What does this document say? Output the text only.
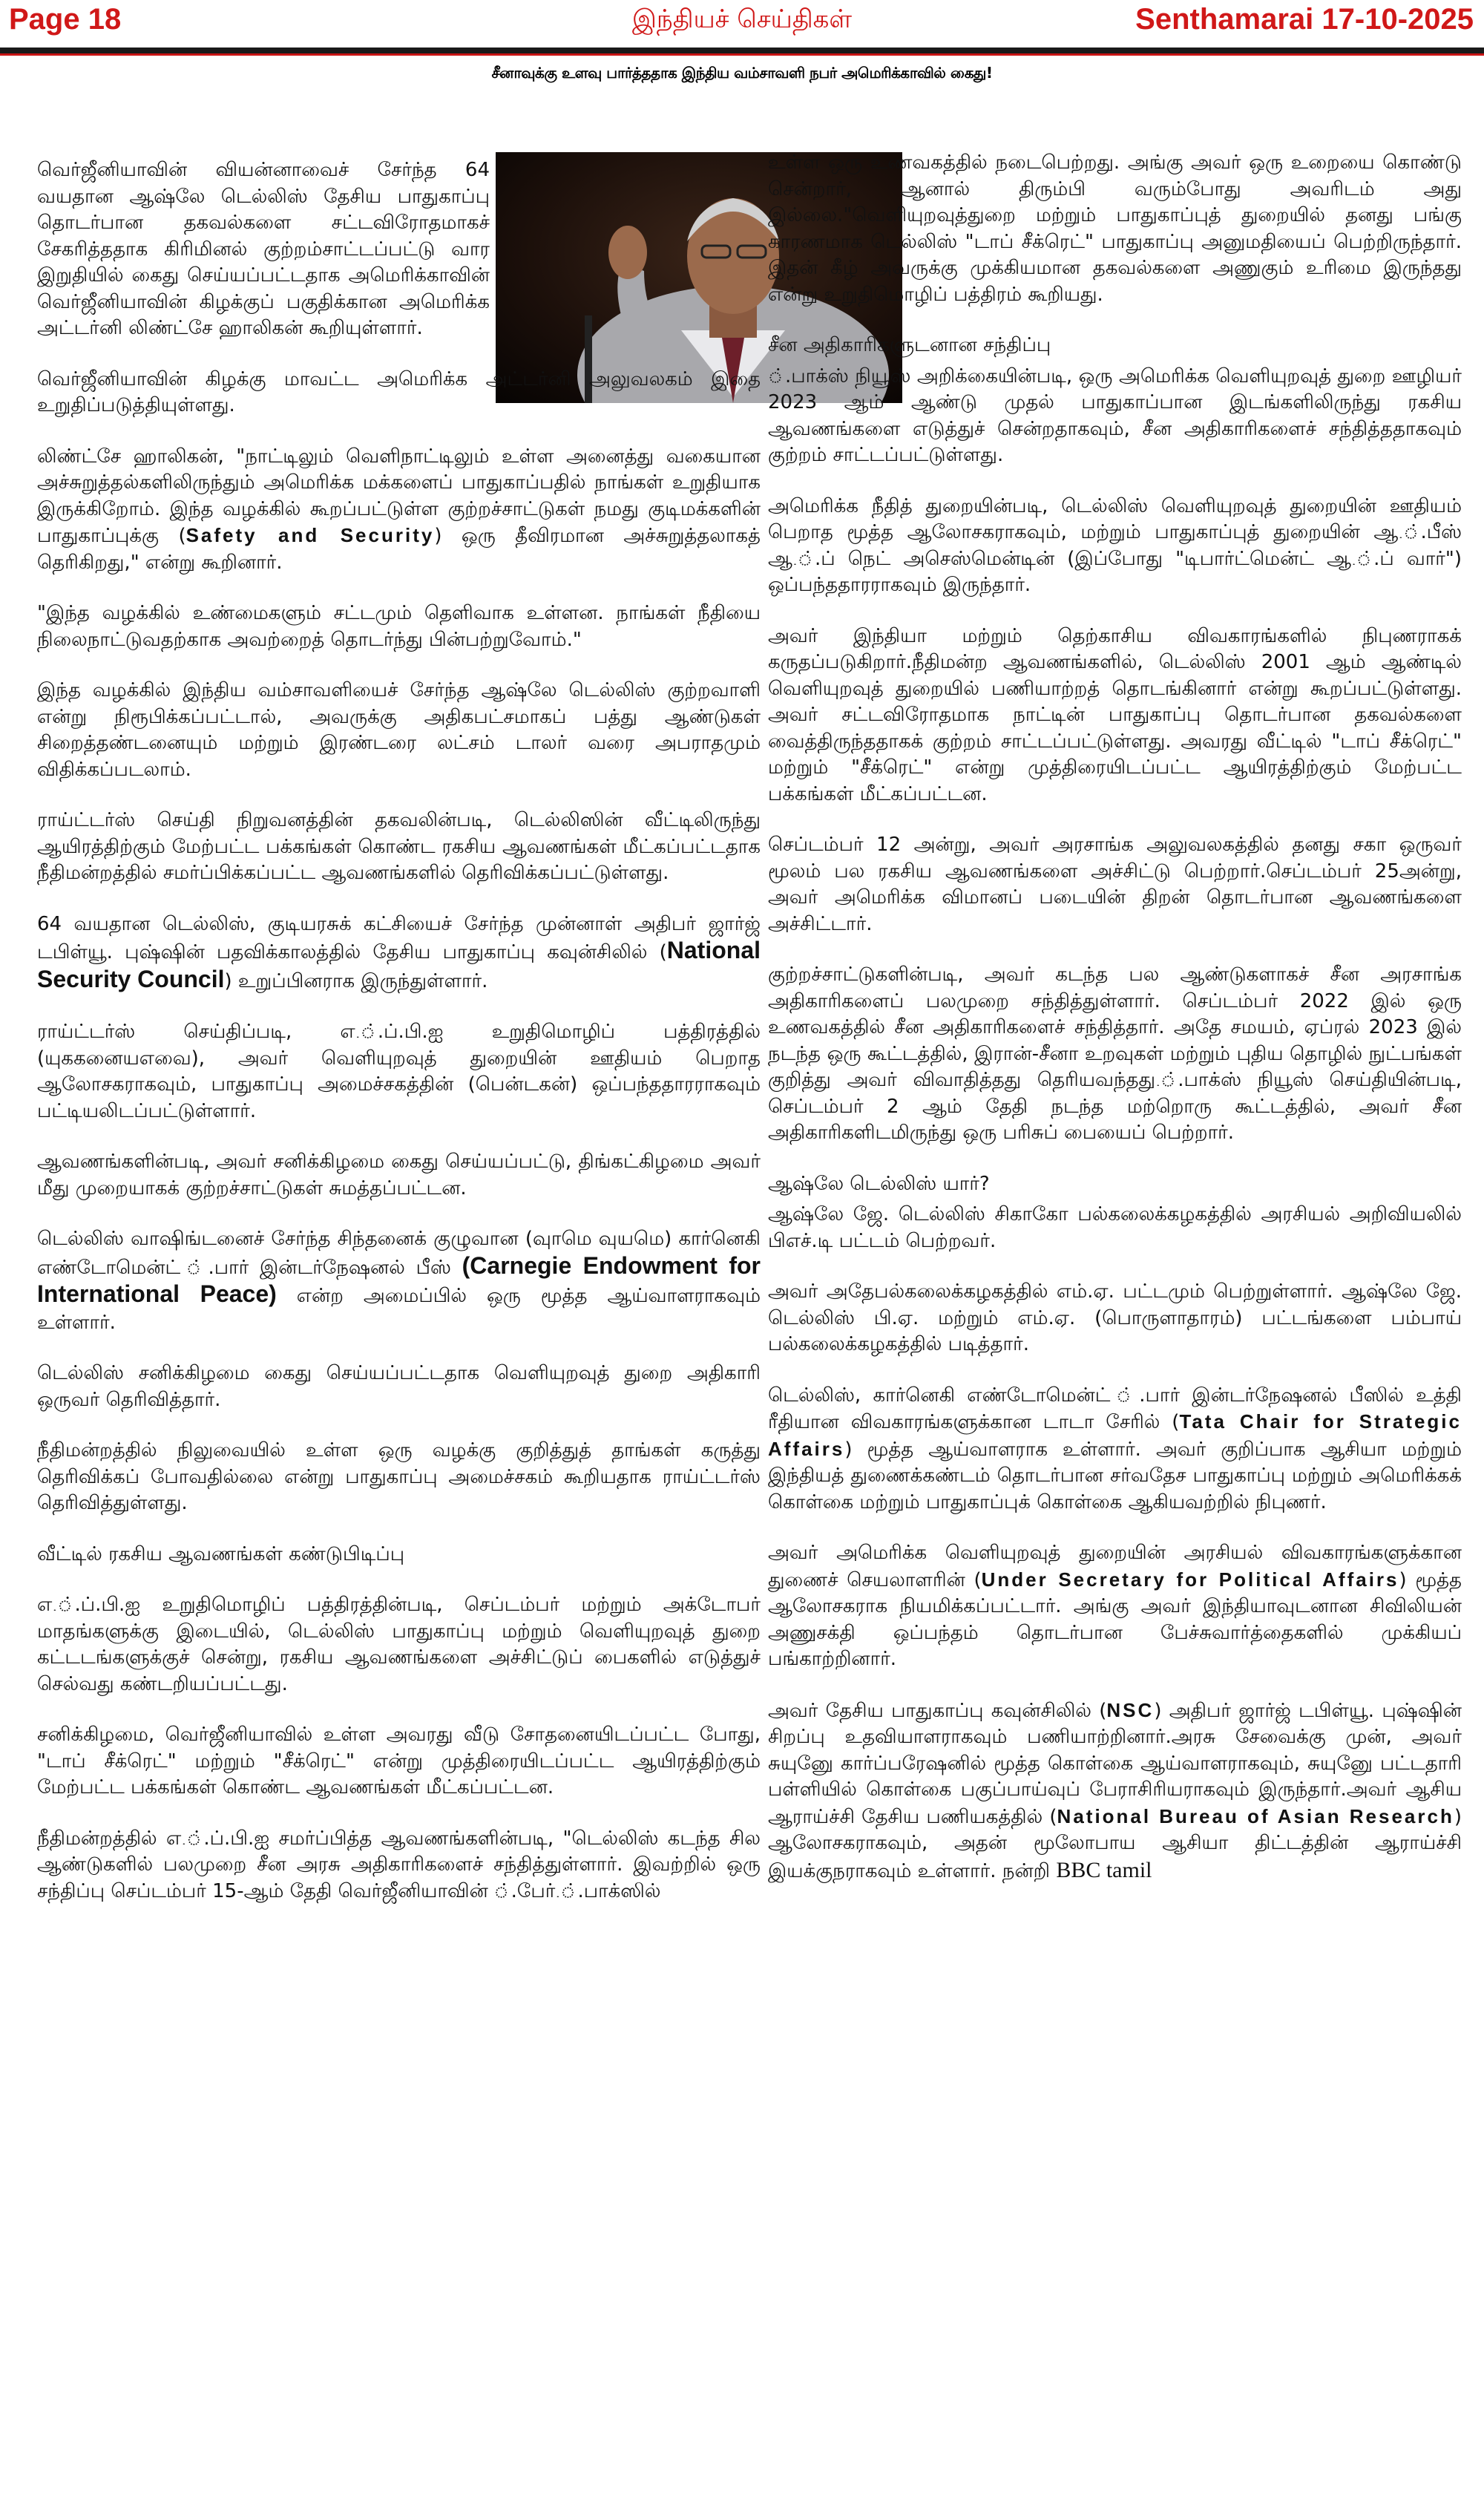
Page 18	இந்தியச் செய்திகள்	Senthamarai 17-10-2025
சீனாவுக்கு உளவு பார்த்ததாக இந்திய வம்சாவளி நபர் அமெரிக்காவில் கைது!

வெர்ஜீனியாவின் வியன்னாவைச் சேர்ந்த 64 வயதான ஆஷ்லே டெல்லிஸ் தேசிய பாதுகாப்பு தொடர்பான தகவல்களை சட்டவிரோதமாகச் சேகரித்ததாக கிரிமினல் குற்றம்சாட்டப்பட்டு வார இறுதியில் கைது செய்யப்பட்டதாக அமெரிக்காவின் வெர்ஜீனியாவின் கிழக்குப் பகுதிக்கான அமெரிக்க அட்டர்னி லிண்ட்சே ஹாலிகன் கூறியுள்ளார்.

வெர்ஜீனியாவின் கிழக்கு மாவட்ட அமெரிக்க அட்டர்னி அலுவலகம் இதை உறுதிப்படுத்தியுள்ளது.

லிண்ட்சே ஹாலிகன், "நாட்டிலும் வெளிநாட்டிலும் உள்ள அனைத்து வகையான அச்சுறுத்தல்களிலிருந்தும் அமெரிக்க மக்களைப் பாதுகாப்பதில் நாங்கள் உறுதியாக இருக்கிறோம். இந்த வழக்கில் கூறப்பட்டுள்ள குற்றச்சாட்டுகள் நமது குடிமக்களின் பாதுகாப்புக்கு (Safety and Security) ஒரு தீவிரமான அச்சுறுத்தலாகத் தெரிகிறது," என்று கூறினார்.

"இந்த வழக்கில் உண்மைகளும் சட்டமும் தெளிவாக உள்ளன. நாங்கள் நீதியை நிலைநாட்டுவதற்காக அவற்றைத் தொடர்ந்து பின்பற்றுவோம்."

இந்த வழக்கில் இந்திய வம்சாவளியைச் சேர்ந்த ஆஷ்லே டெல்லிஸ் குற்றவாளி என்று நிரூபிக்கப்பட்டால், அவருக்கு அதிகபட்சமாகப் பத்து ஆண்டுகள் சிறைத்தண்டனையும் மற்றும் இரண்டரை லட்சம் டாலர் வரை அபராதமும் விதிக்கப்படலாம்.

ராய்ட்டர்ஸ் செய்தி நிறுவனத்தின் தகவலின்படி, டெல்லிஸின் வீட்டிலிருந்து ஆயிரத்திற்கும் மேற்பட்ட பக்கங்கள் கொண்ட ரகசிய ஆவணங்கள் மீட்கப்பட்டதாக நீதிமன்றத்தில் சமர்ப்பிக்கப்பட்ட ஆவணங்களில் தெரிவிக்கப்பட்டுள்ளது.

64 வயதான டெல்லிஸ், குடியரசுக் கட்சியைச் சேர்ந்த முன்னாள் அதிபர் ஜார்ஜ் டபிள்யூ. புஷ்ஷின் பதவிக்காலத்தில் தேசிய பாதுகாப்பு கவுன்சிலில் (National Security Council) உறுப்பினராக இருந்துள்ளார்.

ராய்ட்டர்ஸ் செய்திப்படி, எ.்.ப்.பி.ஐ உறுதிமொழிப் பத்திரத்தில் (யுககனையஎவை), அவர் வெளியுறவுத் துறையின் ஊதியம் பெறாத ஆலோசகராகவும், பாதுகாப்பு அமைச்சகத்தின் (பென்டகன்) ஒப்பந்ததாரராகவும் பட்டியலிடப்பட்டுள்ளார்.

ஆவணங்களின்படி, அவர் சனிக்கிழமை கைது செய்யப்பட்டு, திங்கட்கிழமை அவர் மீது முறையாகக் குற்றச்சாட்டுகள் சுமத்தப்பட்டன.

டெல்லிஸ் வாஷிங்டனைச் சேர்ந்த சிந்தனைக் குழுவான (வுாமெ வுயமெ) கார்னெகி எண்டோமென்ட் ்.பார் இன்டர்நேஷனல் பீஸ் (Carnegie Endowment for International Peace) என்ற அமைப்பில் ஒரு மூத்த ஆய்வாளராகவும் உள்ளார்.

டெல்லிஸ் சனிக்கிழமை கைது செய்யப்பட்டதாக வெளியுறவுத் துறை அதிகாரி ஒருவர் தெரிவித்தார்.

நீதிமன்றத்தில் நிலுவையில் உள்ள ஒரு வழக்கு குறித்துத் தாங்கள் கருத்து தெரிவிக்கப் போவதில்லை என்று பாதுகாப்பு அமைச்சகம் கூறியதாக ராய்ட்டர்ஸ் தெரிவித்துள்ளது.

வீட்டில் ரகசிய ஆவணங்கள் கண்டுபிடிப்பு

எ.்.ப்.பி.ஐ உறுதிமொழிப் பத்திரத்தின்படி, செப்டம்பர் மற்றும் அக்டோபர் மாதங்களுக்கு இடையில், டெல்லிஸ் பாதுகாப்பு மற்றும் வெளியுறவுத் துறை கட்டடங்களுக்குச் சென்று, ரகசிய ஆவணங்களை அச்சிட்டுப் பைகளில் எடுத்துச் செல்வது கண்டறியப்பட்டது.

சனிக்கிழமை, வெர்ஜீனியாவில் உள்ள அவரது வீடு சோதனையிடப்பட்ட போது, "டாப் சீக்ரெட்" மற்றும் "சீக்ரெட்" என்று முத்திரையிடப்பட்ட ஆயிரத்திற்கும் மேற்பட்ட பக்கங்கள் கொண்ட ஆவணங்கள் மீட்கப்பட்டன.

நீதிமன்றத்தில் எ.்.ப்.பி.ஐ சமர்ப்பித்த ஆவணங்களின்படி, "டெல்லிஸ் கடந்த சில ஆண்டுகளில் பலமுறை சீன அரசு அதிகாரிகளைச் சந்தித்துள்ளார். இவற்றில் ஒரு சந்திப்பு செப்டம்பர் 15-ஆம் தேதி வெர்ஜீனியாவின் ்.பேர்.்.பாக்ஸில்

உள்ள ஒரு உணவகத்தில் நடைபெற்றது. அங்கு அவர் ஒரு உறையை கொண்டு சென்றார், ஆனால் திரும்பி வரும்போது அவரிடம் அது இல்லை."வெளியுறவுத்துறை மற்றும் பாதுகாப்புத் துறையில் தனது பங்கு காரணமாக டெல்லிஸ் "டாப் சீக்ரெட்" பாதுகாப்பு அனுமதியைப் பெற்றிருந்தார். இதன் கீழ் அவருக்கு முக்கியமான தகவல்களை அணுகும் உரிமை இருந்தது என்று உறுதிமொழிப் பத்திரம் கூறியது.

சீன அதிகாரிகளுடனான சந்திப்பு

்.பாக்ஸ் நியூஸ் அறிக்கையின்படி, ஒரு அமெரிக்க வெளியுறவுத் துறை ஊழியர் 2023 ஆம் ஆண்டு முதல் பாதுகாப்பான இடங்களிலிருந்து ரகசிய ஆவணங்களை எடுத்துச் சென்றதாகவும், சீன அதிகாரிகளைச் சந்தித்ததாகவும் குற்றம் சாட்டப்பட்டுள்ளது.

அமெரிக்க நீதித் துறையின்படி, டெல்லிஸ் வெளியுறவுத் துறையின் ஊதியம் பெறாத மூத்த ஆலோசகராகவும், மற்றும் பாதுகாப்புத் துறையின் ஆ.்.பீஸ் ஆ.்.ப் நெட் அசெஸ்மென்டின் (இப்போது "டிபார்ட்மென்ட் ஆ.்.ப் வார்") ஒப்பந்ததாரராகவும் இருந்தார்.

அவர் இந்தியா மற்றும் தெற்காசிய விவகாரங்களில் நிபுணராகக் கருதப்படுகிறார்.நீதிமன்ற ஆவணங்களில், டெல்லிஸ் 2001 ஆம் ஆண்டில் வெளியுறவுத் துறையில் பணியாற்றத் தொடங்கினார் என்று கூறப்பட்டுள்ளது. அவர் சட்டவிரோதமாக நாட்டின் பாதுகாப்பு தொடர்பான தகவல்களை வைத்திருந்ததாகக் குற்றம் சாட்டப்பட்டுள்ளது. அவரது வீட்டில் "டாப் சீக்ரெட்" மற்றும் "சீக்ரெட்" என்று முத்திரையிடப்பட்ட ஆயிரத்திற்கும் மேற்பட்ட பக்கங்கள் மீட்கப்பட்டன.

செப்டம்பர் 12 அன்று, அவர் அரசாங்க அலுவலகத்தில் தனது சகா ஒருவர் மூலம் பல ரகசிய ஆவணங்களை அச்சிட்டு பெற்றார்.செப்டம்பர் 25அன்று, அவர் அமெரிக்க விமானப் படையின் திறன் தொடர்பான ஆவணங்களை அச்சிட்டார்.

குற்றச்சாட்டுகளின்படி, அவர் கடந்த பல ஆண்டுகளாகச் சீன அரசாங்க அதிகாரிகளைப் பலமுறை சந்தித்துள்ளார். செப்டம்பர் 2022 இல் ஒரு உணவகத்தில் சீன அதிகாரிகளைச் சந்தித்தார். அதே சமயம், ஏப்ரல் 2023 இல் நடந்த ஒரு கூட்டத்தில், இரான்-சீனா உறவுகள் மற்றும் புதிய தொழில் நுட்பங்கள் குறித்து அவர் விவாதித்தது தெரியவந்தது.்.பாக்ஸ் நியூஸ் செய்தியின்படி, செப்டம்பர் 2 ஆம் தேதி நடந்த மற்றொரு கூட்டத்தில், அவர் சீன அதிகாரிகளிடமிருந்து ஒரு பரிசுப் பையைப் பெற்றார்.

ஆஷ்லே டெல்லிஸ் யார்?

ஆஷ்லே ஜே. டெல்லிஸ் சிகாகோ பல்கலைக்கழகத்தில் அரசியல் அறிவியலில் பிஎச்.டி பட்டம் பெற்றவர்.

அவர் அதேபல்கலைக்கழகத்தில் எம்.ஏ. பட்டமும் பெற்றுள்ளார். ஆஷ்லே ஜே. டெல்லிஸ் பி.ஏ. மற்றும் எம்.ஏ. (பொருளாதாரம்) பட்டங்களை பம்பாய் பல்கலைக்கழகத்தில் படித்தார்.

டெல்லிஸ், கார்னெகி எண்டோமென்ட் ்.பார் இன்டர்நேஷனல் பீஸில் உத்தி ரீதியான விவகாரங்களுக்கான டாடா சேரில் (Tata Chair for Strategic Affairs) மூத்த ஆய்வாளராக உள்ளார். அவர் குறிப்பாக ஆசியா மற்றும் இந்தியத் துணைக்கண்டம் தொடர்பான சர்வதேச பாதுகாப்பு மற்றும் அமெரிக்கக் கொள்கை மற்றும் பாதுகாப்புக் கொள்கை ஆகியவற்றில் நிபுணர்.

அவர் அமெரிக்க வெளியுறவுத் துறையின் அரசியல் விவகாரங்களுக்கான துணைச் செயலாளரின் (Under Secretary for Political Affairs) மூத்த ஆலோசகராக நியமிக்கப்பட்டார். அங்கு அவர் இந்தியாவுடனான சிவிலியன் அணுசக்தி ஒப்பந்தம் தொடர்பான பேச்சுவார்த்தைகளில் முக்கியப் பங்காற்றினார்.

அவர் தேசிய பாதுகாப்பு கவுன்சிலில் (NSC) அதிபர் ஜார்ஜ் டபிள்யூ. புஷ்ஷின் சிறப்பு உதவியாளராகவும் பணியாற்றினார்.அரசு சேவைக்கு முன், அவர் சுயுனுே கார்ப்பரேஷனில் மூத்த கொள்கை ஆய்வாளராகவும், சுயுனுே பட்டதாரி பள்ளியில் கொள்கை பகுப்பாய்வுப் பேராசிரியராகவும் இருந்தார்.அவர் ஆசிய ஆராய்ச்சி தேசிய பணியகத்தில் (National Bureau of Asian Research) ஆலோசகராகவும், அதன் மூலோபாய ஆசியா திட்டத்தின் ஆராய்ச்சி இயக்குநராகவும் உள்ளார். நன்றி BBC tamil
